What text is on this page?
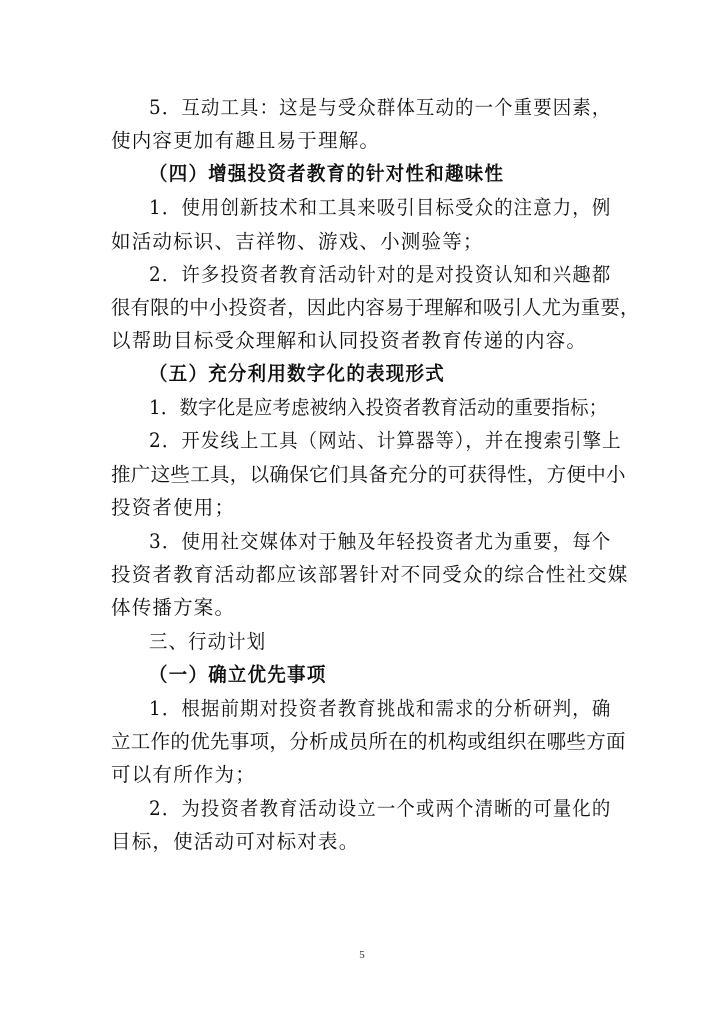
5．互动工具：这是与受众群体互动的一个重要因素，
使内容更加有趣且易于理解。
（四）增强投资者教育的针对性和趣味性
1．使用创新技术和工具来吸引目标受众的注意力，例
如活动标识、吉祥物、游戏、小测验等；
2．许多投资者教育活动针对的是对投资认知和兴趣都
很有限的中小投资者，因此内容易于理解和吸引人尤为重要，
以帮助目标受众理解和认同投资者教育传递的内容。
（五）充分利用数字化的表现形式
1．数字化是应考虑被纳入投资者教育活动的重要指标；
2．开发线上工具（网站、计算器等），并在搜索引擎上
推广这些工具，以确保它们具备充分的可获得性，方便中小
投资者使用；
3．使用社交媒体对于触及年轻投资者尤为重要，每个
投资者教育活动都应该部署针对不同受众的综合性社交媒
体传播方案。
三、行动计划
（一）确立优先事项
1．根据前期对投资者教育挑战和需求的分析研判，确
立工作的优先事项，分析成员所在的机构或组织在哪些方面
可以有所作为；
2．为投资者教育活动设立一个或两个清晰的可量化的
目标，使活动可对标对表。
5
